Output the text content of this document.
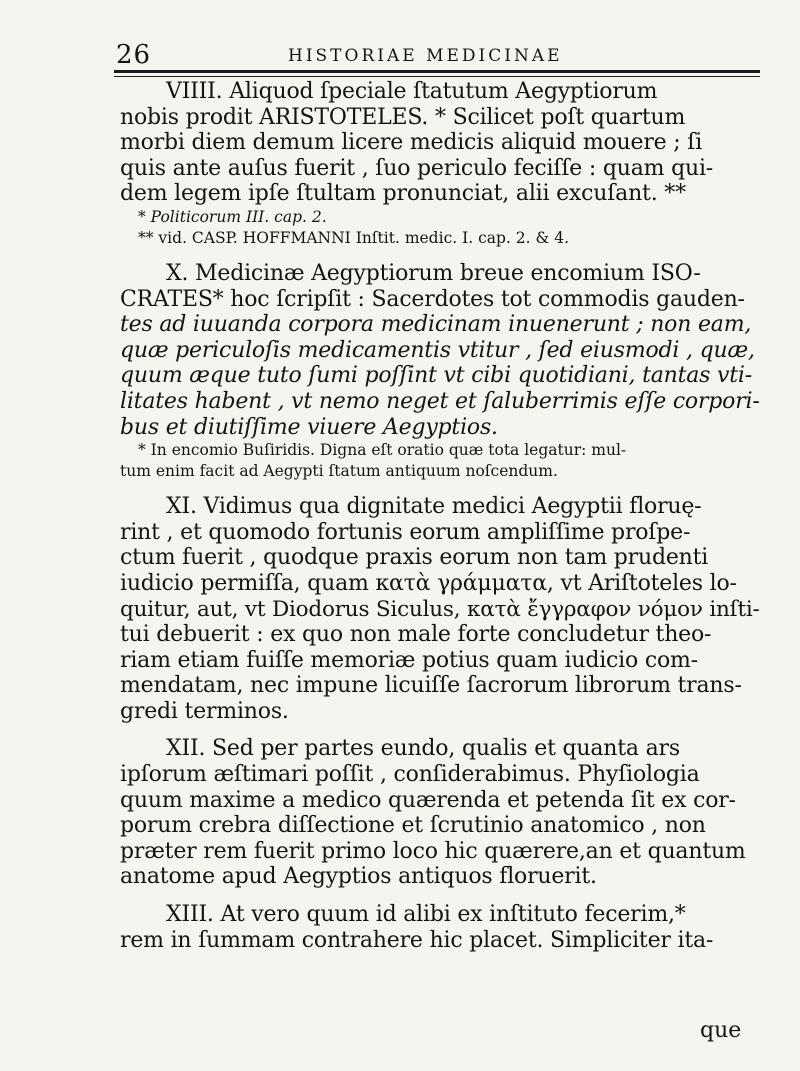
26	HISTORIAE MEDICINAE
VIIII. Aliquod ſpeciale ſtatutum Aegyptiorum
nobis prodit ARISTOTELES. * Scilicet poſt quartum
morbi diem demum licere medicis aliquid mouere ; ſi
quis ante auſus fuerit , ſuo periculo feciſſe : quam qui-
dem legem ipſe ſtultam pronunciat, alii excuſant. **
* Politicorum III. cap. 2.
** vid. CASP. HOFFMANNI Inſtit. medic. I. cap. 2. & 4.
X. Medicinæ Aegyptiorum breue encomium ISO-
CRATES* hoc ſcripſit : Sacerdotes tot commodis gauden-
tes ad iuuanda corpora medicinam inuenerunt ; non eam,
quæ periculoſis medicamentis vtitur , ſed eiusmodi , quæ,
quum æque tuto ſumi poſſint vt cibi quotidiani, tantas vti-
litates habent , vt nemo neget et ſaluberrimis eſſe corpori-
bus et diutiſſime viuere Aegyptios.
* In encomio Buſiridis. Digna eſt oratio quæ tota legatur: mul-
tum enim facit ad Aegypti ſtatum antiquum noſcendum.
XI. Vidimus qua dignitate medici Aegyptii floruę-
rint , et quomodo fortunis eorum ampliſſime proſpe-
ctum fuerit , quodque praxis eorum non tam prudenti
iudicio permiſſa, quam κατὰ γράμματα, vt Ariſtoteles lo-
quitur, aut, vt Diodorus Siculus, κατὰ ἔγγραφον νόμον inſti-
tui debuerit : ex quo non male forte concludetur theo-
riam etiam fuiſſe memoriæ potius quam iudicio com-
mendatam, nec impune licuiſſe ſacrorum librorum trans-
gredi terminos.
XII. Sed per partes eundo, qualis et quanta ars
ipſorum æſtimari poſſit , conſiderabimus. Phyſiologia
quum maxime a medico quærenda et petenda ſit ex cor-
porum crebra diſſectione et ſcrutinio anatomico , non
præter rem fuerit primo loco hic quærere,an et quantum
anatome apud Aegyptios antiquos floruerit.
XIII. At vero quum id alibi ex inſtituto fecerim,*
rem in ſummam contrahere hic placet. Simpliciter ita-
que
